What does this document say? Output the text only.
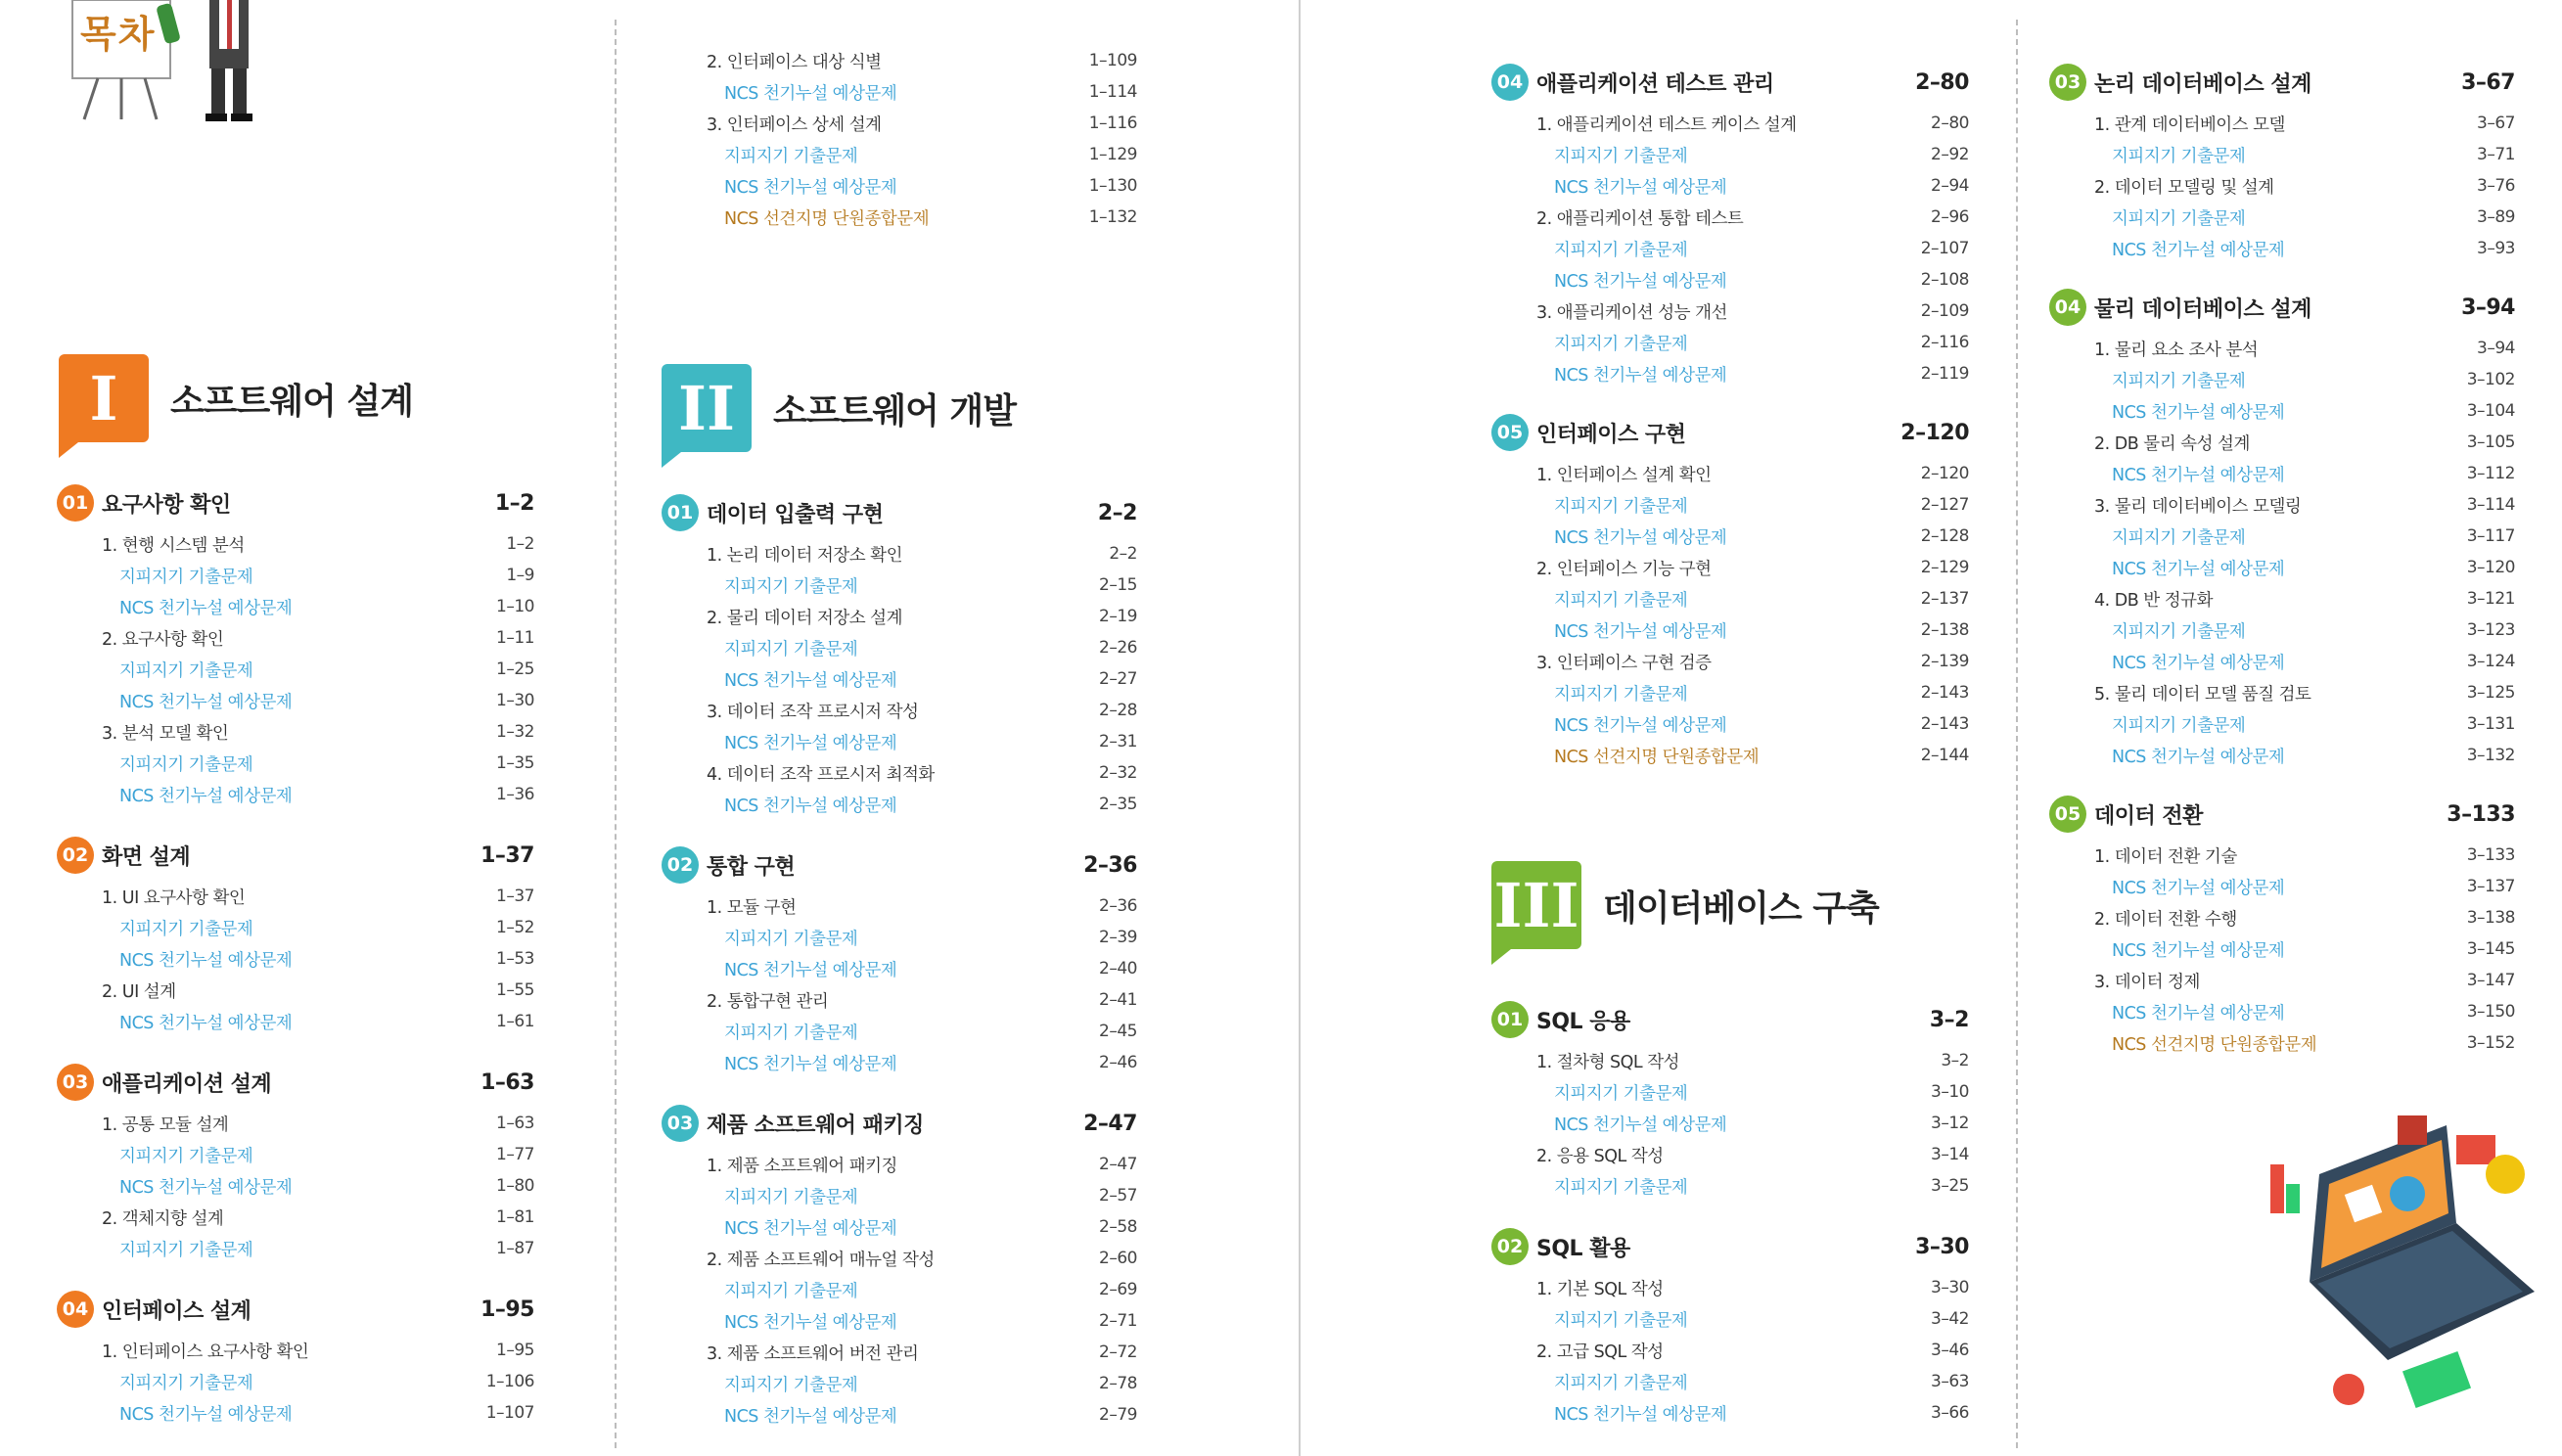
목차
I	소프트웨어 설계	II	소프트웨어 개발
III 데이터베이스 구축
01 요구사항 확인	1–2
1. 현행 시스템 분석	1–2
지피지기 기출문제	1–9
NCS 천기누설 예상문제	1–10
2. 요구사항 확인	1–11
지피지기 기출문제	1–25
NCS 천기누설 예상문제	1–30
3. 분석 모델 확인	1–32
지피지기 기출문제	1–35
NCS 천기누설 예상문제	1–36
02 화면 설계	1–37
1. UI 요구사항 확인	1–37
지피지기 기출문제	1–52
NCS 천기누설 예상문제	1–53
2. UI 설계	1–55
NCS 천기누설 예상문제	1–61
03 애플리케이션 설계	1–63
1. 공통 모듈 설계	1–63
지피지기 기출문제	1–77
NCS 천기누설 예상문제	1–80
2. 객체지향 설계	1–81
지피지기 기출문제	1–87
04 인터페이스 설계	1–95
1. 인터페이스 요구사항 확인	1–95
지피지기 기출문제	1–106
NCS 천기누설 예상문제	1–107
2. 인터페이스 대상 식별	1–109
NCS 천기누설 예상문제	1–114
3. 인터페이스 상세 설계	1–116
지피지기 기출문제	1–129
NCS 천기누설 예상문제	1–130
NCS 선견지명 단원종합문제	1–132
01 데이터 입출력 구현	2–2
1. 논리 데이터 저장소 확인	2–2
지피지기 기출문제	2–15
2. 물리 데이터 저장소 설계	2–19
지피지기 기출문제	2–26
NCS 천기누설 예상문제	2–27
3. 데이터 조작 프로시저 작성	2–28
NCS 천기누설 예상문제	2–31
4. 데이터 조작 프로시저 최적화	2–32
NCS 천기누설 예상문제	2–35
02 통합 구현	2–36
1. 모듈 구현	2–36
지피지기 기출문제	2–39
NCS 천기누설 예상문제	2–40
2. 통합구현 관리	2–41
지피지기 기출문제	2–45
NCS 천기누설 예상문제	2–46
03 제품 소프트웨어 패키징	2–47
1. 제품 소프트웨어 패키징	2–47
지피지기 기출문제	2–57
NCS 천기누설 예상문제	2–58
2. 제품 소프트웨어 매뉴얼 작성	2–60
지피지기 기출문제	2–69
NCS 천기누설 예상문제	2–71
3. 제품 소프트웨어 버전 관리	2–72
지피지기 기출문제	2–78
NCS 천기누설 예상문제	2–79
04 애플리케이션 테스트 관리	2–80
1. 애플리케이션 테스트 케이스 설계	2–80
지피지기 기출문제	2–92
NCS 천기누설 예상문제	2–94
2. 애플리케이션 통합 테스트	2–96
지피지기 기출문제	2–107
NCS 천기누설 예상문제	2–108
3. 애플리케이션 성능 개선	2–109
지피지기 기출문제	2–116
NCS 천기누설 예상문제	2–119
05 인터페이스 구현	2–120
1. 인터페이스 설계 확인	2–120
지피지기 기출문제	2–127
NCS 천기누설 예상문제	2–128
2. 인터페이스 기능 구현	2–129
지피지기 기출문제	2–137
NCS 천기누설 예상문제	2–138
3. 인터페이스 구현 검증	2–139
지피지기 기출문제	2–143
NCS 천기누설 예상문제	2–143
NCS 선견지명 단원종합문제	2–144
01 SQL 응용	3–2
1. 절차형 SQL 작성	3–2
지피지기 기출문제	3–10
NCS 천기누설 예상문제	3–12
2. 응용 SQL 작성	3–14
지피지기 기출문제	3–25
02 SQL 활용	3–30
1. 기본 SQL 작성	3–30
지피지기 기출문제	3–42
2. 고급 SQL 작성	3–46
지피지기 기출문제	3–63
NCS 천기누설 예상문제	3–66
03 논리 데이터베이스 설계	3–67
1. 관계 데이터베이스 모델	3–67
지피지기 기출문제	3–71
2. 데이터 모델링 및 설계	3–76
지피지기 기출문제	3–89
NCS 천기누설 예상문제	3–93
04 물리 데이터베이스 설계	3–94
1. 물리 요소 조사 분석	3–94
지피지기 기출문제	3–102
NCS 천기누설 예상문제	3–104
2. DB 물리 속성 설계	3–105
NCS 천기누설 예상문제	3–112
3. 물리 데이터베이스 모델링	3–114
지피지기 기출문제	3–117
NCS 천기누설 예상문제	3–120
4. DB 반 정규화	3–121
지피지기 기출문제	3–123
NCS 천기누설 예상문제	3–124
5. 물리 데이터 모델 품질 검토	3–125
지피지기 기출문제	3–131
NCS 천기누설 예상문제	3–132
05 데이터 전환	3–133
1. 데이터 전환 기술	3–133
NCS 천기누설 예상문제	3–137
2. 데이터 전환 수행	3–138
NCS 천기누설 예상문제	3–145
3. 데이터 정제	3–147
NCS 천기누설 예상문제	3–150
NCS 선견지명 단원종합문제	3–152
